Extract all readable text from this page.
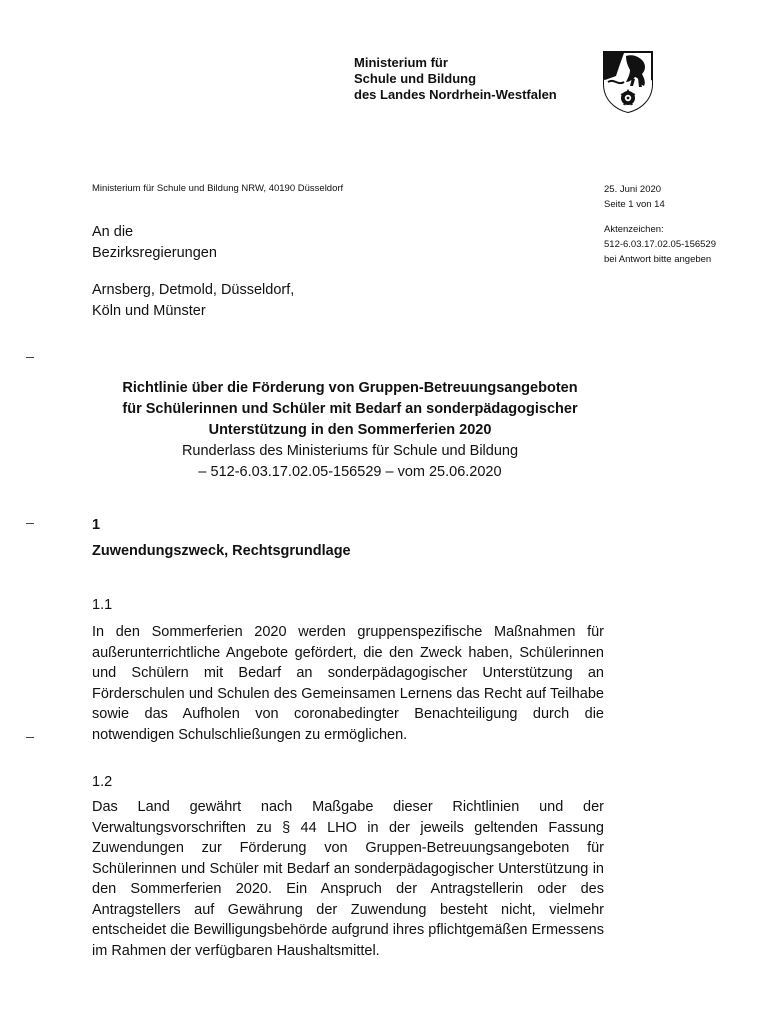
Ministerium für
Schule und Bildung
des Landes Nordrhein-Westfalen
Ministerium für Schule und Bildung NRW, 40190 Düsseldorf	25. Juni 2020
Seite 1 von 14
Aktenzeichen:
512-6.03.17.02.05-156529
bei Antwort bitte angeben
An die
Bezirksregierungen
Arnsberg, Detmold, Düsseldorf,
Köln und Münster
Richtlinie über die Förderung von Gruppen-Betreuungsangeboten
für Schülerinnen und Schüler mit Bedarf an sonderpädagogischer
Unterstützung in den Sommerferien 2020
Runderlass des Ministeriums für Schule und Bildung
– 512-6.03.17.02.05-156529 – vom 25.06.2020
1
Zuwendungszweck, Rechtsgrundlage
1.1

In den Sommerferien 2020 werden gruppenspezifische Maßnahmen für außerunterrichtliche Angebote gefördert, die den Zweck haben, Schülerinnen und Schülern mit Bedarf an sonderpädagogischer Unterstützung an Förderschulen und Schulen des Gemeinsamen Lernens das Recht auf Teilhabe sowie das Aufholen von coronabedingter Benachteiligung durch die notwendigen Schulschließungen zu ermöglichen.

1.2

Das Land gewährt nach Maßgabe dieser Richtlinien und der Verwaltungsvorschriften zu § 44 LHO in der jeweils geltenden Fassung Zuwendungen zur Förderung von Gruppen-Betreuungsangeboten für Schülerinnen und Schüler mit Bedarf an sonderpädagogischer Unterstützung in den Sommerferien 2020. Ein Anspruch der Antragstellerin oder des Antragstellers auf Gewährung der Zuwendung besteht nicht, vielmehr entscheidet die Bewilligungsbehörde aufgrund ihres pflichtgemäßen Ermessens im Rahmen der verfügbaren Haushaltsmittel.
